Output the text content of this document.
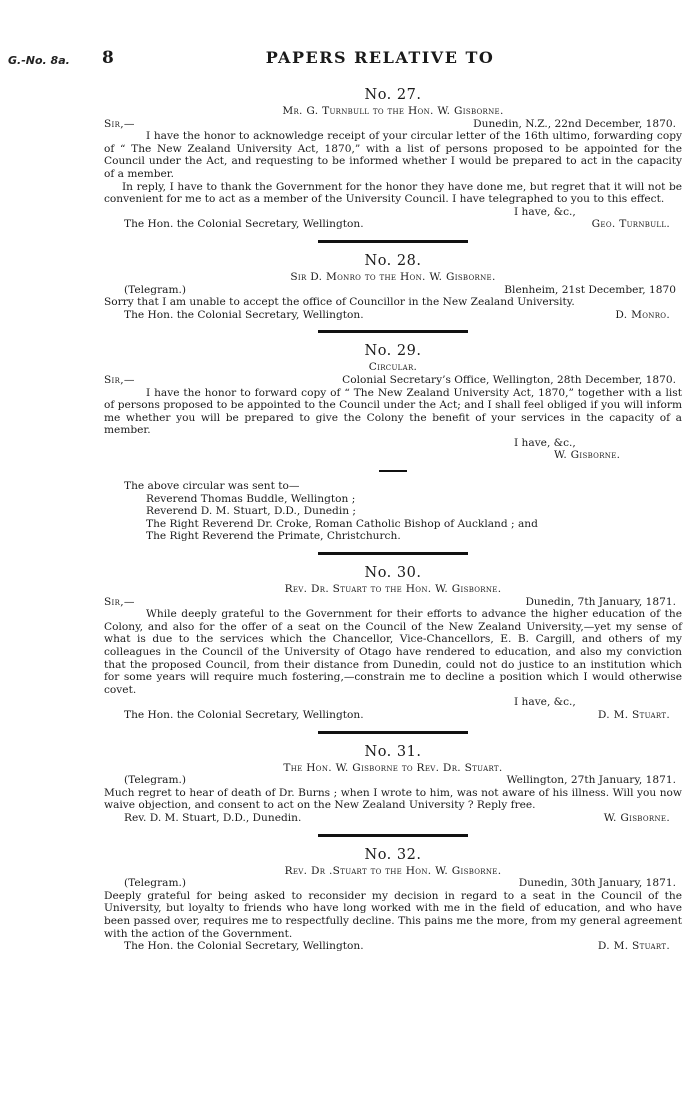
G.-No. 8a. 8	PAPERS RELATIVE TO
No. 27.
Mr. G. Turnbull to the Hon. W. Gisborne.
Sir,—	Dunedin, N.Z., 22nd December, 1870.

I have the honor to acknowledge receipt of your circular letter of the 16th ultimo, forwarding copy of “ The New Zealand University Act, 1870,” with a list of persons proposed to be appointed for the Council under the Act, and requesting to be informed whether I would be prepared to act in the capacity of a member.

In reply, I have to thank the Government for the honor they have done me, but regret that it will not be convenient for me to act as a member of the University Council. I have telegraphed to you to this effect.

I have, &c.,
The Hon. the Colonial Secretary, Wellington.	Geo. Turnbull.
No. 28.
Sir D. Monro to the Hon. W. Gisborne.
(Telegram.)	Blenheim, 21st December, 1870

Sorry that I am unable to accept the office of Councillor in the New Zealand University.

The Hon. the Colonial Secretary, Wellington.	D. Monro.
No. 29.
Circular.
Sir,—	Colonial Secretary’s Office, Wellington, 28th December, 1870.

I have the honor to forward copy of “ The New Zealand University Act, 1870,” together with a list of persons proposed to be appointed to the Council under the Act; and I shall feel obliged if you will inform me whether you will be prepared to give the Colony the benefit of your services in the capacity of a member.

I have, &c.,
W. Gisborne.
The above circular was sent to—
Reverend Thomas Buddle, Wellington ;
Reverend D. M. Stuart, D.D., Dunedin ;
The Right Reverend Dr. Croke, Roman Catholic Bishop of Auckland ; and
The Right Reverend the Primate, Christchurch.
No. 30.
Rev. Dr. Stuart to the Hon. W. Gisborne.
Sir,—	Dunedin, 7th January, 1871.

While deeply grateful to the Government for their efforts to advance the higher education of the Colony, and also for the offer of a seat on the Council of the New Zealand University,—yet my sense of what is due to the services which the Chancellor, Vice-Chancellors, E. B. Cargill, and others of my colleagues in the Council of the University of Otago have rendered to education, and also my conviction that the proposed Council, from their distance from Dunedin, could not do justice to an institution which for some years will require much fostering,—constrain me to decline a position which I would otherwise covet.

I have, &c.,
The Hon. the Colonial Secretary, Wellington.	D. M. Stuart.
No. 31.
The Hon. W. Gisborne to Rev. Dr. Stuart.
(Telegram.)	Wellington, 27th January, 1871.

Much regret to hear of death of Dr. Burns ; when I wrote to him, was not aware of his illness. Will you now waive objection, and consent to act on the New Zealand University ? Reply free.

Rev. D. M. Stuart, D.D., Dunedin.	W. Gisborne.
No. 32.
Rev. Dr .Stuart to the Hon. W. Gisborne.
(Telegram.)	Dunedin, 30th January, 1871.

Deeply grateful for being asked to reconsider my decision in regard to a seat in the Council of the University, but loyalty to friends who have long worked with me in the field of education, and who have been passed over, requires me to respectfully decline. This pains me the more, from my general agreement with the action of the Government.

The Hon. the Colonial Secretary, Wellington.	D. M. Stuart.
